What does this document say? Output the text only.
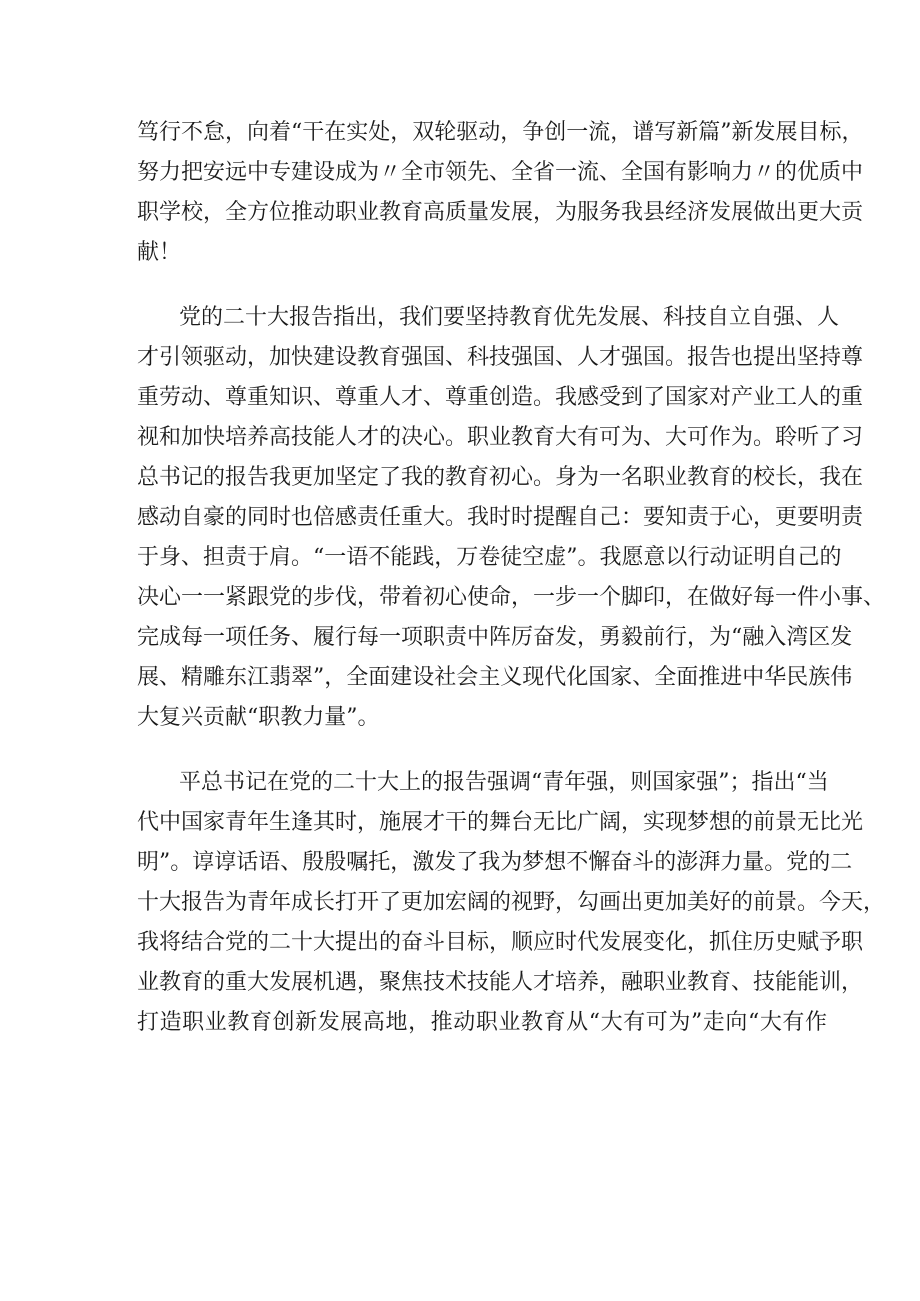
笃行不怠，向着“干在实处，双轮驱动，争创一流，谱写新篇”新发展目标，
努力把安远中专建设成为〃全市领先、全省一流、全国有影响力〃的优质中
职学校，全方位推动职业教育高质量发展，为服务我县经济发展做出更大贡
献！

党的二十大报告指出，我们要坚持教育优先发展、科技自立自强、人
才引领驱动，加快建设教育强国、科技强国、人才强国。报告也提出坚持尊
重劳动、尊重知识、尊重人才、尊重创造。我感受到了国家对产业工人的重
视和加快培养高技能人才的决心。职业教育大有可为、大可作为。聆听了习
总书记的报告我更加坚定了我的教育初心。身为一名职业教育的校长，我在
感动自豪的同时也倍感责任重大。我时时提醒自己：要知责于心，更要明责
于身、担责于肩。“一语不能践，万卷徒空虚”。我愿意以行动证明自己的
决心一一紧跟党的步伐，带着初心使命，一步一个脚印，在做好每一件小事、
完成每一项任务、履行每一项职责中阵厉奋发，勇毅前行，为“融入湾区发
展、精雕东江翡翠”，全面建设社会主义现代化国家、全面推进中华民族伟
大复兴贡献“职教力量”。

平总书记在党的二十大上的报告强调“青年强，则国家强”；指出“当
代中国家青年生逢其时，施展才干的舞台无比广阔，实现梦想的前景无比光
明”。谆谆话语、殷殷嘱托，激发了我为梦想不懈奋斗的澎湃力量。党的二
十大报告为青年成长打开了更加宏阔的视野，勾画出更加美好的前景。今天，
我将结合党的二十大提出的奋斗目标，顺应时代发展变化，抓住历史赋予职
业教育的重大发展机遇，聚焦技术技能人才培养，融职业教育、技能能训，
打造职业教育创新发展高地，推动职业教育从“大有可为”走向“大有作
